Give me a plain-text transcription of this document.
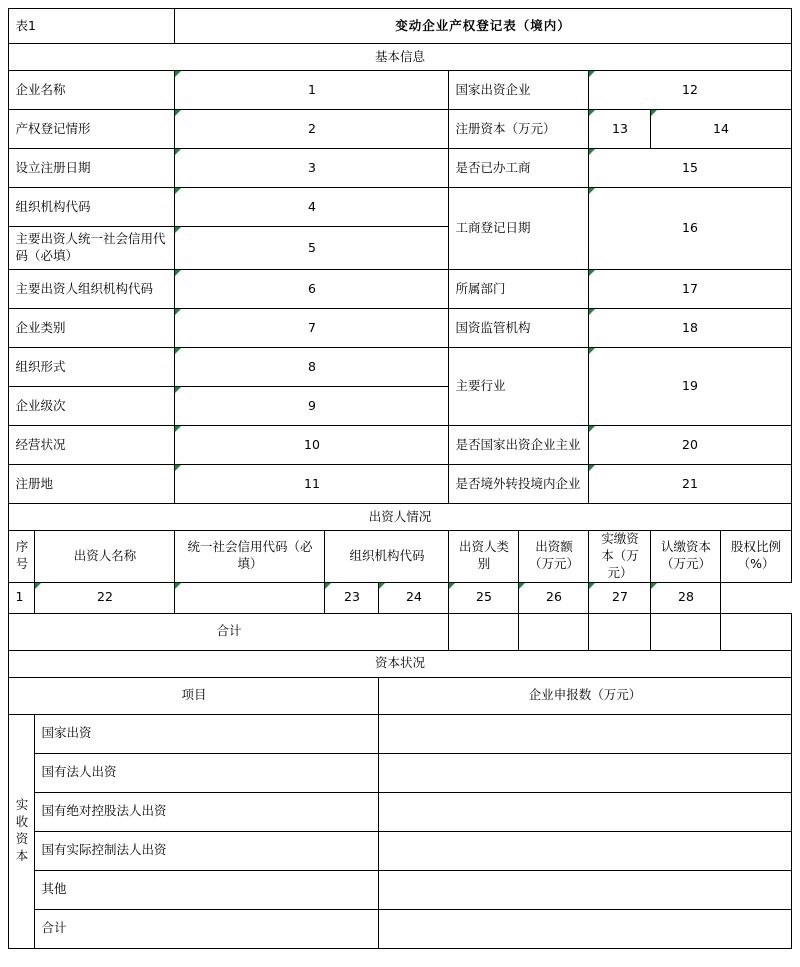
表1		变动企业产权登记表（境内）							
基本信息									
企业名称		1			国家出资企业		12		
产权登记情形		2			注册资本（万元）		13	14	
设立注册日期		3			是否已办工商		15		
组织机构代码		4			工商登记日期		16		
主要出资人统一社会信用代码（必填）		5							
主要出资人组织机构代码		6			所属部门		17		
企业类别		7			国资监管机构		18		
组织形式		8			主要行业		19		
企业级次		9							
经营状况		10			是否国家出资企业主业		20		
注册地		11			是否境外转投境内企业		21		
出资人情况									
序号	出资人名称	统一社会信用代码（必填）	组织机构代码		出资人类别	出资额（万元）	实缴资本（万元）	认缴资本（万元）	股权比例（%）
1	22		23	24	25	26	27	28	
合计									
资本状况									
项目				企业申报数（万元）					
实收资本	国家出资								
	国有法人出资								
	国有绝对控股法人出资								
	国有实际控制法人出资								
	其他								
	合计								
